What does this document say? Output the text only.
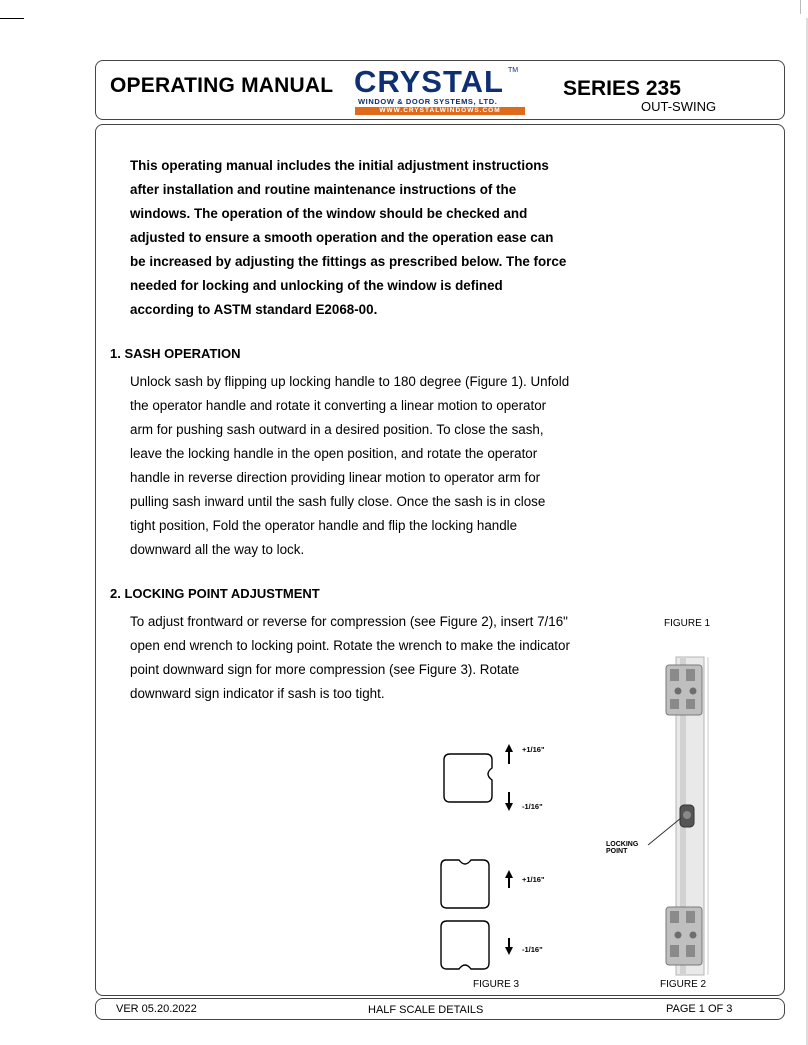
OPERATING MANUAL CRYSTAL TM
WINDOW & DOOR SYSTEMS, LTD.
WWW.CRYSTALWINDOWS.COM
SERIES 235
OUT-SWING
This operating manual includes the initial adjustment instructions after installation and routine maintenance instructions of the windows. The operation of the window should be checked and adjusted to ensure a smooth operation and the operation ease can be increased by adjusting the fittings as prescribed below. The force needed for locking and unlocking of the window is defined according to ASTM standard E2068-00.
1. SASH OPERATION
Unlock sash by flipping up locking handle to 180 degree (Figure 1). Unfold the operator handle and rotate it converting a linear motion to operator arm for pushing sash outward in a desired position. To close the sash, leave the locking handle in the open position, and rotate the operator handle in reverse direction providing linear motion to operator arm for pulling sash inward until the sash fully close. Once the sash is in close tight position, Fold the operator handle and flip the locking handle downward all the way to lock.
2. LOCKING POINT ADJUSTMENT
To adjust frontward or reverse for compression (see Figure 2), insert 7/16" open end wrench to locking point. Rotate the wrench to make the indicator point downward sign for more compression (see Figure 3). Rotate downward sign indicator if sash is too tight.
FIGURE 1
LOCKING
POINT
+1/16"
-1/16"
+1/16"
-1/16"
FIGURE 3	FIGURE 2
VER 05.20.2022	HALF SCALE DETAILS	PAGE 1 OF 3
